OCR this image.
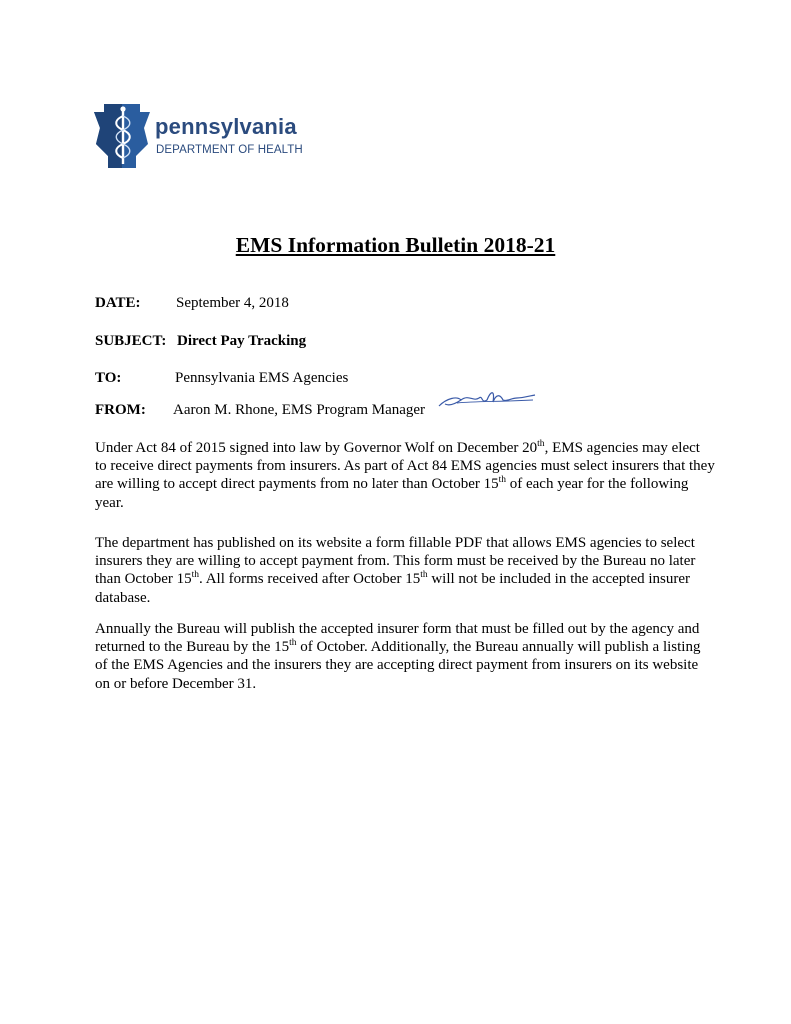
pennsylvania
DEPARTMENT OF HEALTH
EMS Information Bulletin 2018-21
DATE: September 4, 2018
SUBJECT: Direct Pay Tracking
TO:	Pennsylvania EMS Agencies
FROM: Aaron M. Rhone, EMS Program Manager

Under Act 84 of 2015 signed into law by Governor Wolf on December 20th, EMS agencies may elect to receive direct payments from insurers. As part of Act 84 EMS agencies must select insurers that they are willing to accept direct payments from no later than October 15th of each year for the following year.

The department has published on its website a form fillable PDF that allows EMS agencies to select insurers they are willing to accept payment from. This form must be received by the Bureau no later than October 15th. All forms received after October 15th will not be included in the accepted insurer database.

Annually the Bureau will publish the accepted insurer form that must be filled out by the agency and returned to the Bureau by the 15th of October. Additionally, the Bureau annually will publish a listing of the EMS Agencies and the insurers they are accepting direct payment from insurers on its website on or before December 31.
